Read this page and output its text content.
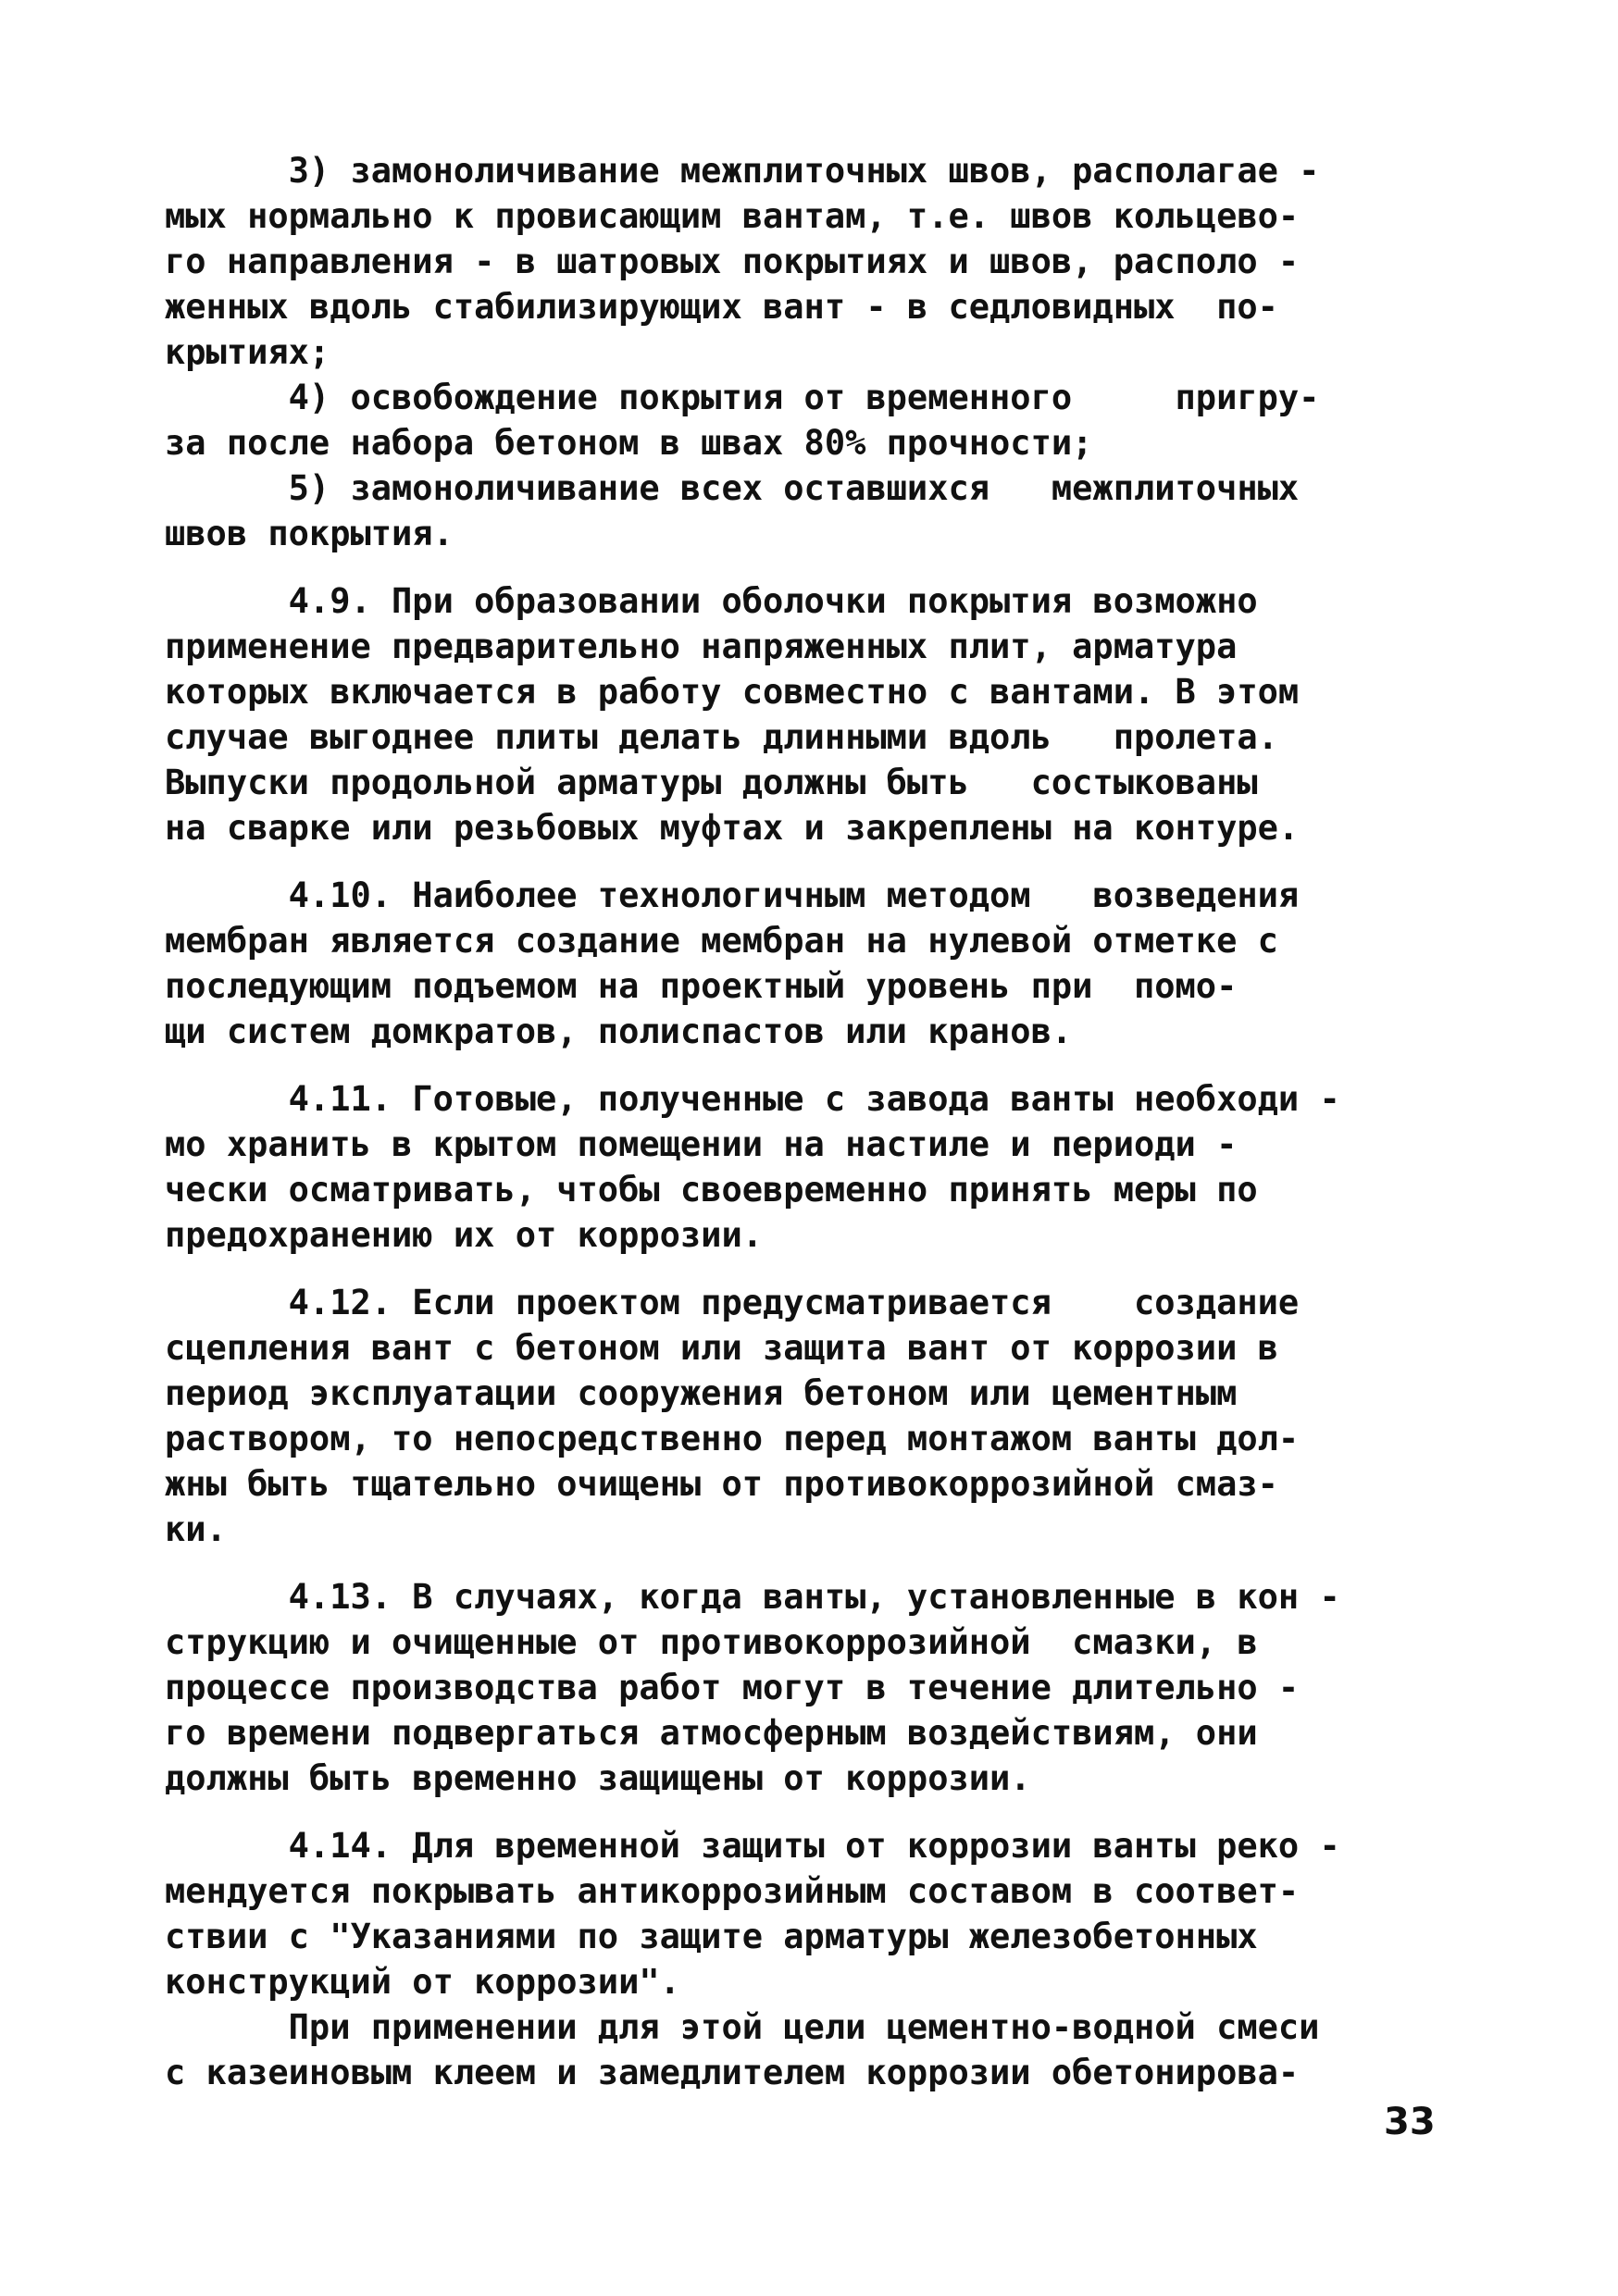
3) замоноличивание межплиточных швов, располагае -
мых нормально к провисающим вантам, т.е. швов кольцево-
го направления - в шатровых покрытиях и швов, располо -
женных вдоль стабилизирующих вант - в седловидных  по-
крытиях;
4) освобождение покрытия от временного     пригру-
за после набора бетоном в швах 80% прочности;
5) замоноличивание всех оставшихся   межплиточных
швов покрытия.
4.9. При образовании оболочки покрытия возможно
применение предварительно напряженных плит, арматура
которых включается в работу совместно с вантами. В этом
случае выгоднее плиты делать длинными вдоль   пролета.
Выпуски продольной арматуры должны быть   состыкованы
на сварке или резьбовых муфтах и закреплены на контуре.
4.10. Наиболее технологичным методом   возведения
мембран является создание мембран на нулевой отметке с
последующим подъемом на проектный уровень при  помо-
щи систем домкратов, полиспастов или кранов.
4.11. Готовые, полученные с завода ванты необходи -
мо хранить в крытом помещении на настиле и периоди -
чески осматривать, чтобы своевременно принять меры по
предохранению их от коррозии.
4.12. Если проектом предусматривается    создание
сцепления вант с бетоном или защита вант от коррозии в
период эксплуатации сооружения бетоном или цементным
раствором, то непосредственно перед монтажом ванты дол-
жны быть тщательно очищены от противокоррозийной смаз-
ки.
4.13. В случаях, когда ванты, установленные в кон -
струкцию и очищенные от противокоррозийной  смазки, в
процессе производства работ могут в течение длительно -
го времени подвергаться атмосферным воздействиям, они
должны быть временно защищены от коррозии.
4.14. Для временной защиты от коррозии ванты реко -
мендуется покрывать антикоррозийным составом в соответ-
ствии с "Указаниями по защите арматуры железобетонных
конструкций от коррозии".
При применении для этой цели цементно-водной смеси
с казеиновым клеем и замедлителем коррозии обетонирова-
33
